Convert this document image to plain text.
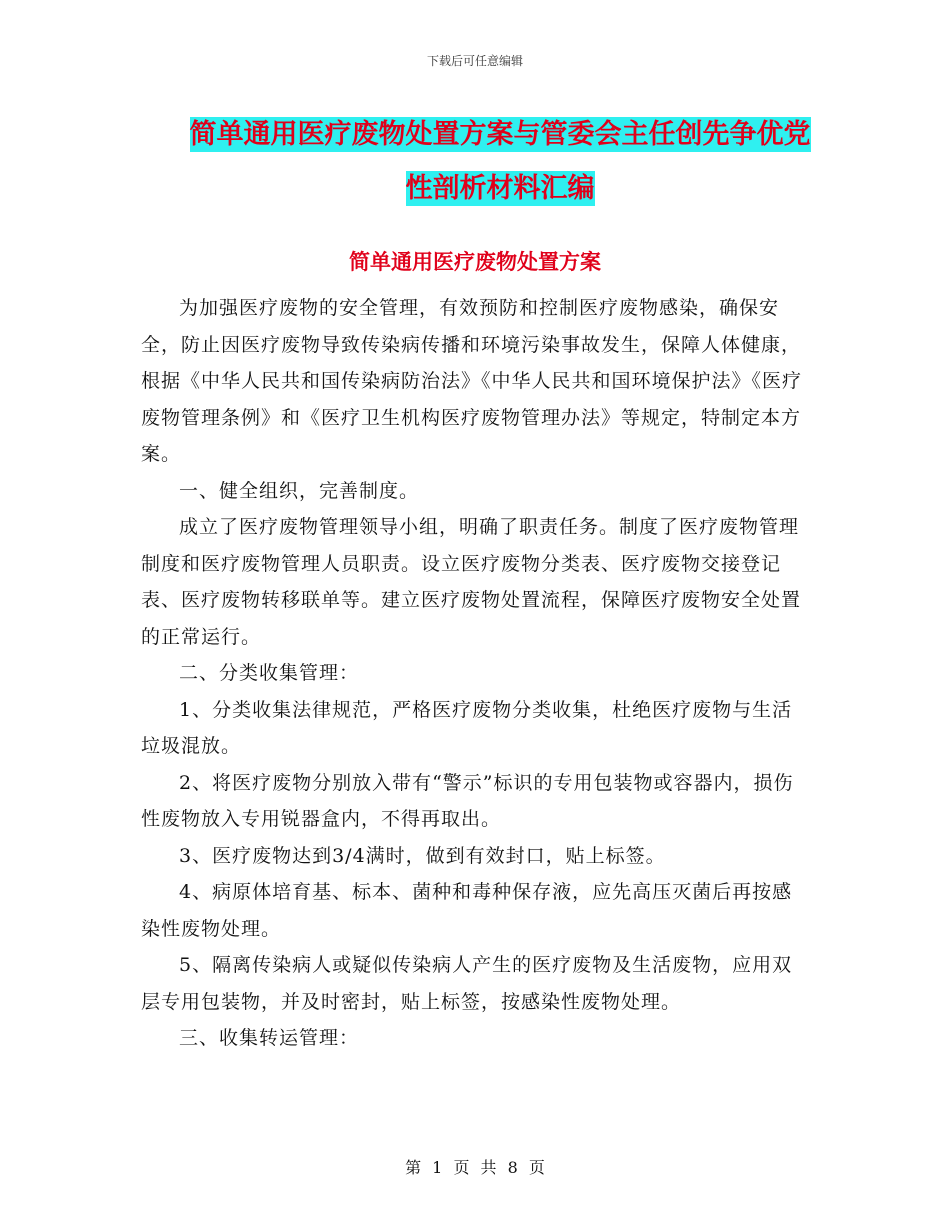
下载后可任意编辑
简单通用医疗废物处置方案与管委会主任创先争优党
性剖析材料汇编
简单通用医疗废物处置方案

为加强医疗废物的安全管理，有效预防和控制医疗废物感染，确保安全，防止因医疗废物导致传染病传播和环境污染事故发生，保障人体健康，根据《中华人民共和国传染病防治法》《中华人民共和国环境保护法》《医疗废物管理条例》和《医疗卫生机构医疗废物管理办法》等规定，特制定本方案。

一、健全组织，完善制度。

成立了医疗废物管理领导小组，明确了职责任务。制度了医疗废物管理制度和医疗废物管理人员职责。设立医疗废物分类表、医疗废物交接登记表、医疗废物转移联单等。建立医疗废物处置流程，保障医疗废物安全处置的正常运行。

二、分类收集管理：

1、分类收集法律规范，严格医疗废物分类收集，杜绝医疗废物与生活垃圾混放。

2、将医疗废物分别放入带有“警示”标识的专用包装物或容器内，损伤性废物放入专用锐器盒内，不得再取出。

3、医疗废物达到3/4满时，做到有效封口，贴上标签。

4、病原体培育基、标本、菌种和毒种保存液，应先高压灭菌后再按感染性废物处理。

5、隔离传染病人或疑似传染病人产生的医疗废物及生活废物，应用双层专用包装物，并及时密封，贴上标签，按感染性废物处理。

三、收集转运管理：

第 1 页 共 8 页
